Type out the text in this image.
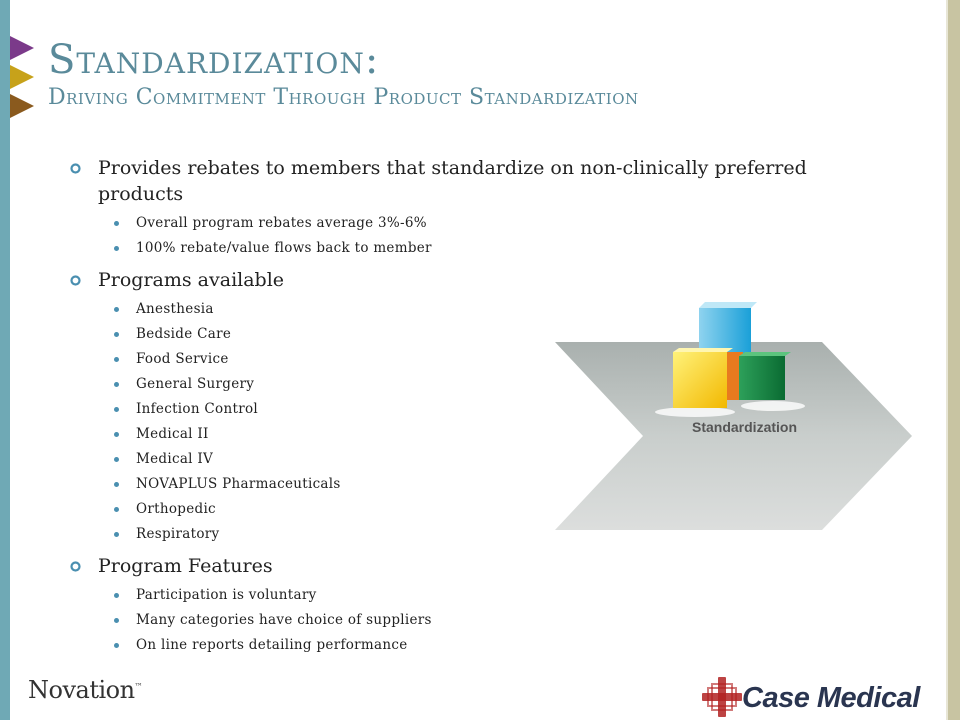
Standardization:
Driving Commitment Through Product Standardization
Provides rebates to members that standardize on non-clinically preferred products
Overall program rebates average 3%-6%
100% rebate/value flows back to member
Programs available
Anesthesia
Bedside Care
Food Service
General Surgery
Infection Control
Medical II
Medical IV
NOVAPLUS Pharmaceuticals
Orthopedic
Respiratory
Program Features
Participation is voluntary
Many categories have choice of suppliers
On line reports detailing performance
Standardization
Novation™	Case Medical
